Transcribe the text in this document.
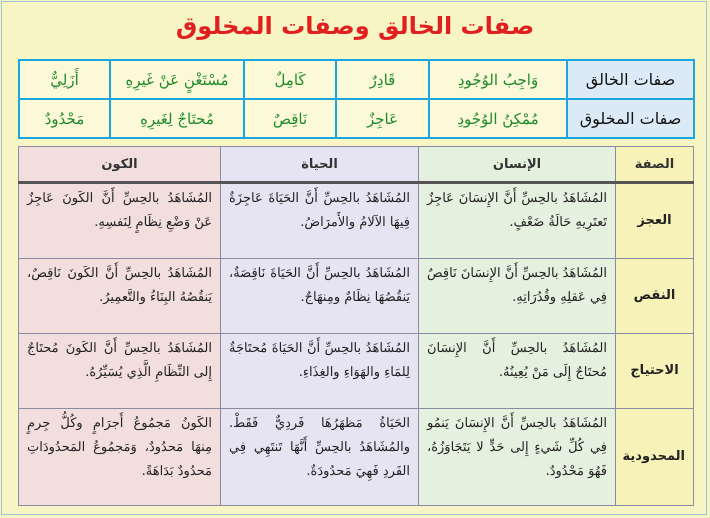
صفات الخالق وصفات المخلوق
صفات الخالق	وَاجِبُ الوُجُودِ	قَادِرٌ	كَامِلٌ	مُسْتَغْنٍ عَنْ غَيرِهِ	أَزَلِيٌّ
صفات المخلوق	مُمْكِنُ الوُجُودِ	عَاجِزٌ	نَاقِصٌ	مُحتَاجٌ لِغَيرِهِ	مَحْدُودٌ
الصفة	الإنسان	الحياة	الكون
العجز	المُشَاهَدُ بالحِسِّ أَنَّ الإِنسَانَ عَاجِزٌ تَعتَرِيهِ حَالَةُ ضَعْفٍ.	المُشَاهَدُ بالحِسِّ أَنَّ الحَيَاةَ عَاجِزَةٌ فِيهَا الآلامُ والأَمرَاضُ.	المُشَاهَدُ بالحِسِّ أَنَّ الكَونَ عَاجِزٌ عَنْ وَضْعِ نِظَامٍ لِنَفسِهِ.
النقص	المُشَاهَدُ بالحِسِّ أَنَّ الإِنسَانَ نَاقِصٌ فِي عَقلِهِ وقُدُرَاتِهِ.	المُشَاهَدُ بالحِسِّ أَنَّ الحَيَاةَ نَاقِصَةٌ، يَنقُصُهَا نِظَامٌ ومِنهَاجٌ.	المُشَاهَدُ بالحِسِّ أَنَّ الكَونَ نَاقِصٌ، يَنقُصُهُ البِنَاءُ والتَّعمِيرُ.
الاحتياج	المُشَاهَدُ بالحِسِّ أَنَّ الإِنسَانَ مُحتَاجٌ إِلَى مَنْ يُعِينُهُ.	المُشَاهَدُ بالحِسِّ أَنَّ الحَيَاةَ مُحتَاجَةٌ لِلمَاءِ والهَوَاءِ والغِذَاءِ.	المُشَاهَدُ بالحِسِّ أَنَّ الكَونَ مُحتَاجٌ إِلى النِّظَامِ الَّذِي يُسَيِّرُهُ.
المحدودية	المُشَاهَدُ بالحِسِّ أَنَّ الإِنسَانَ يَنمُو فِي كُلِّ شَيءٍ إِلى حَدٍّ لا يَتَجَاوَزُهُ، فَهُوَ مَحْدُودٌ.	الحَيَاةُ مَظهَرُهَا فَردِيٌّ فَقَطْ. والمُشَاهَدُ بالحِسِّ أَنَّهَا تَنتَهِي فِي الفَردِ فَهِيَ مَحدُودَةٌ.	الكَونُ مَجمُوعُ أَجرَامٍ وكُلُّ جِرمٍ مِنهَا مَحدُودٌ، وَمَجمُوعُ المَحدُودَاتِ مَحدُودٌ بَدَاهَةً.
